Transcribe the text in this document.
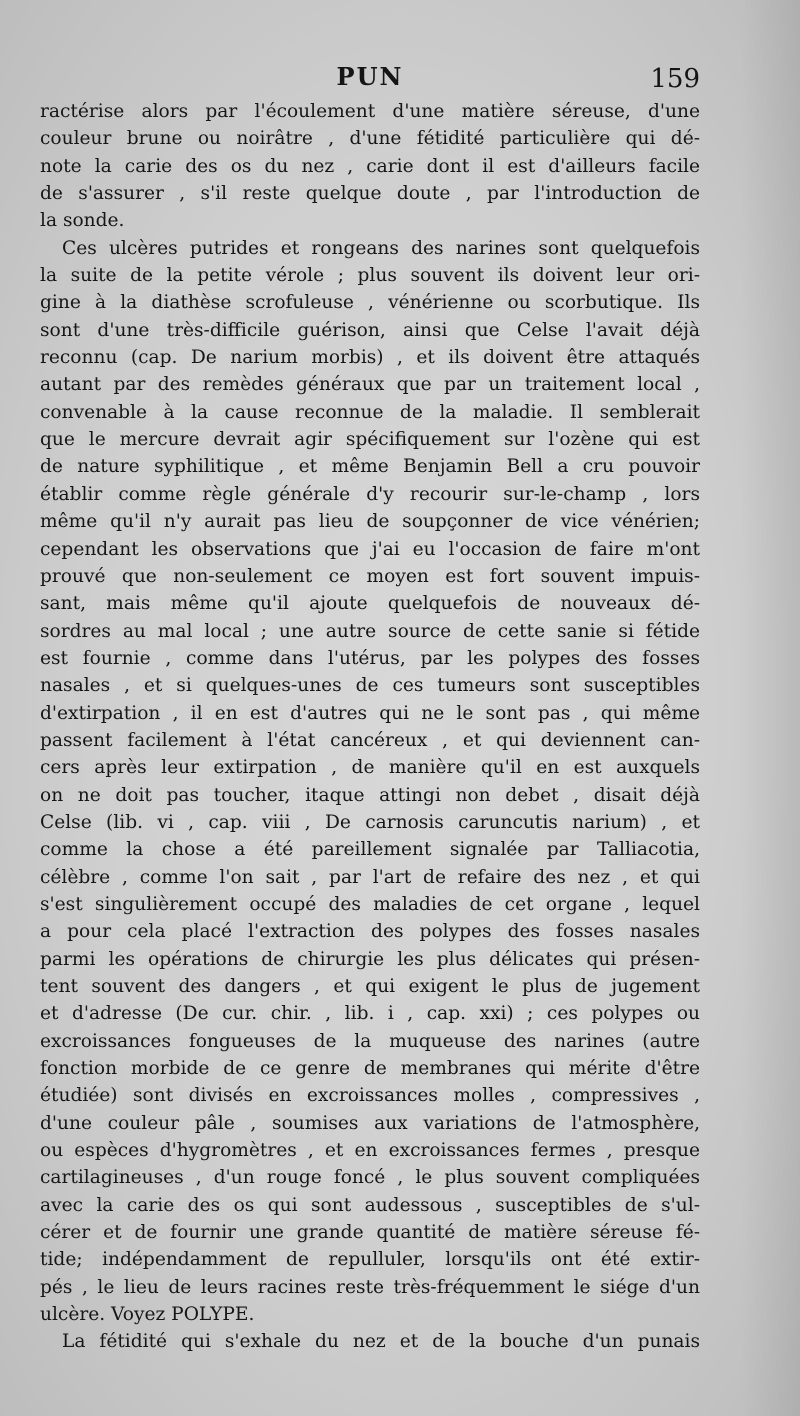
PUN	159
ractérise alors par l'écoulement d'une matière séreuse, d'une
couleur brune ou noirâtre , d'une fétidité particulière qui dé-
note la carie des os du nez , carie dont il est d'ailleurs facile
de s'assurer , s'il reste quelque doute , par l'introduction de
la sonde.
Ces ulcères putrides et rongeans des narines sont quelquefois
la suite de la petite vérole ; plus souvent ils doivent leur ori-
gine à la diathèse scrofuleuse , vénérienne ou scorbutique. Ils
sont d'une très-difficile guérison, ainsi que Celse l'avait déjà
reconnu (cap. De narium morbis) , et ils doivent être attaqués
autant par des remèdes généraux que par un traitement local ,
convenable à la cause reconnue de la maladie. Il semblerait
que le mercure devrait agir spécifiquement sur l'ozène qui est
de nature syphilitique , et même Benjamin Bell a cru pouvoir
établir comme règle générale d'y recourir sur-le-champ , lors
même qu'il n'y aurait pas lieu de soupçonner de vice vénérien;
cependant les observations que j'ai eu l'occasion de faire m'ont
prouvé que non-seulement ce moyen est fort souvent impuis-
sant, mais même qu'il ajoute quelquefois de nouveaux dé-
sordres au mal local ; une autre source de cette sanie si fétide
est fournie , comme dans l'utérus, par les polypes des fosses
nasales , et si quelques-unes de ces tumeurs sont susceptibles
d'extirpation , il en est d'autres qui ne le sont pas , qui même
passent facilement à l'état cancéreux , et qui deviennent can-
cers après leur extirpation , de manière qu'il en est auxquels
on ne doit pas toucher, itaque attingi non debet , disait déjà
Celse (lib. vi , cap. viii , De carnosis caruncutis narium) , et
comme la chose a été pareillement signalée par Talliacotia,
célèbre , comme l'on sait , par l'art de refaire des nez , et qui
s'est singulièrement occupé des maladies de cet organe , lequel
a pour cela placé l'extraction des polypes des fosses nasales
parmi les opérations de chirurgie les plus délicates qui présen-
tent souvent des dangers , et qui exigent le plus de jugement
et d'adresse (De cur. chir. , lib. i , cap. xxi) ; ces polypes ou
excroissances fongueuses de la muqueuse des narines (autre
fonction morbide de ce genre de membranes qui mérite d'être
étudiée) sont divisés en excroissances molles , compressives ,
d'une couleur pâle , soumises aux variations de l'atmosphère,
ou espèces d'hygromètres , et en excroissances fermes , presque
cartilagineuses , d'un rouge foncé , le plus souvent compliquées
avec la carie des os qui sont audessous , susceptibles de s'ul-
cérer et de fournir une grande quantité de matière séreuse fé-
tide; indépendamment de repulluler, lorsqu'ils ont été extir-
pés , le lieu de leurs racines reste très-fréquemment le siége d'un
ulcère. Voyez POLYPE.
La fétidité qui s'exhale du nez et de la bouche d'un punais
